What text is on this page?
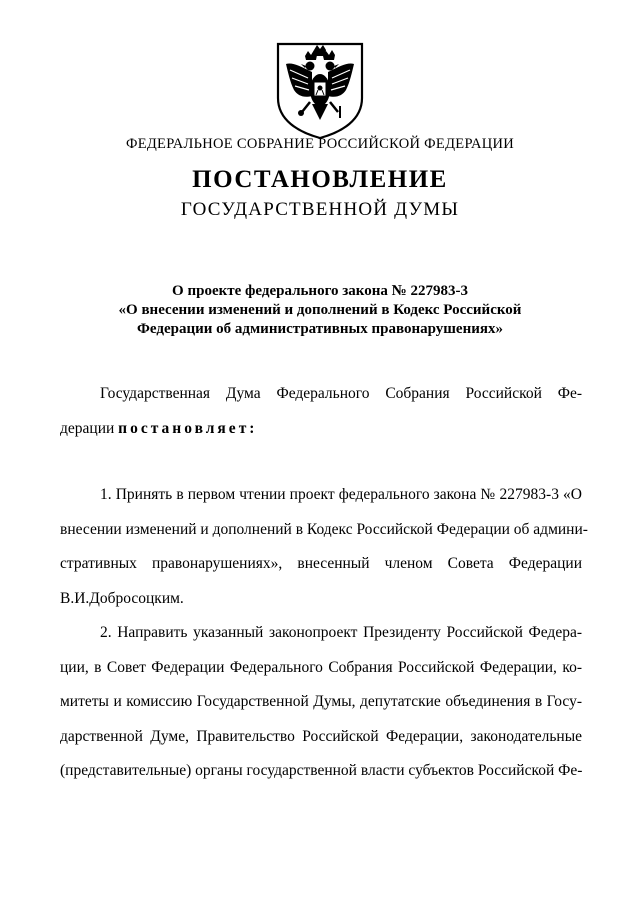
ФЕДЕРАЛЬНОЕ СОБРАНИЕ РОССИЙСКОЙ ФЕДЕРАЦИИ
ПОСТАНОВЛЕНИЕ
ГОСУДАРСТВЕННОЙ ДУМЫ
О проекте федерального закона № 227983-3
«О внесении изменений и дополнений в Кодекс Российской
Федерации об административных правонарушениях»
Государственная Дума Федерального Собрания Российской Фе-
дерации постановляет:
1. Принять в первом чтении проект федерального закона № 227983-3 «О
внесении изменений и дополнений в Кодекс Российской Федерации об админи-
стративных правонарушениях», внесенный членом Совета Федерации
В.И.Добросоцким.
2. Направить указанный законопроект Президенту Российской Федера-
ции, в Совет Федерации Федерального Собрания Российской Федерации, ко-
митеты и комиссию Государственной Думы, депутатские объединения в Госу-
дарственной Думе, Правительство Российской Федерации, законодательные
(представительные) органы государственной власти субъектов Российской Фе-
